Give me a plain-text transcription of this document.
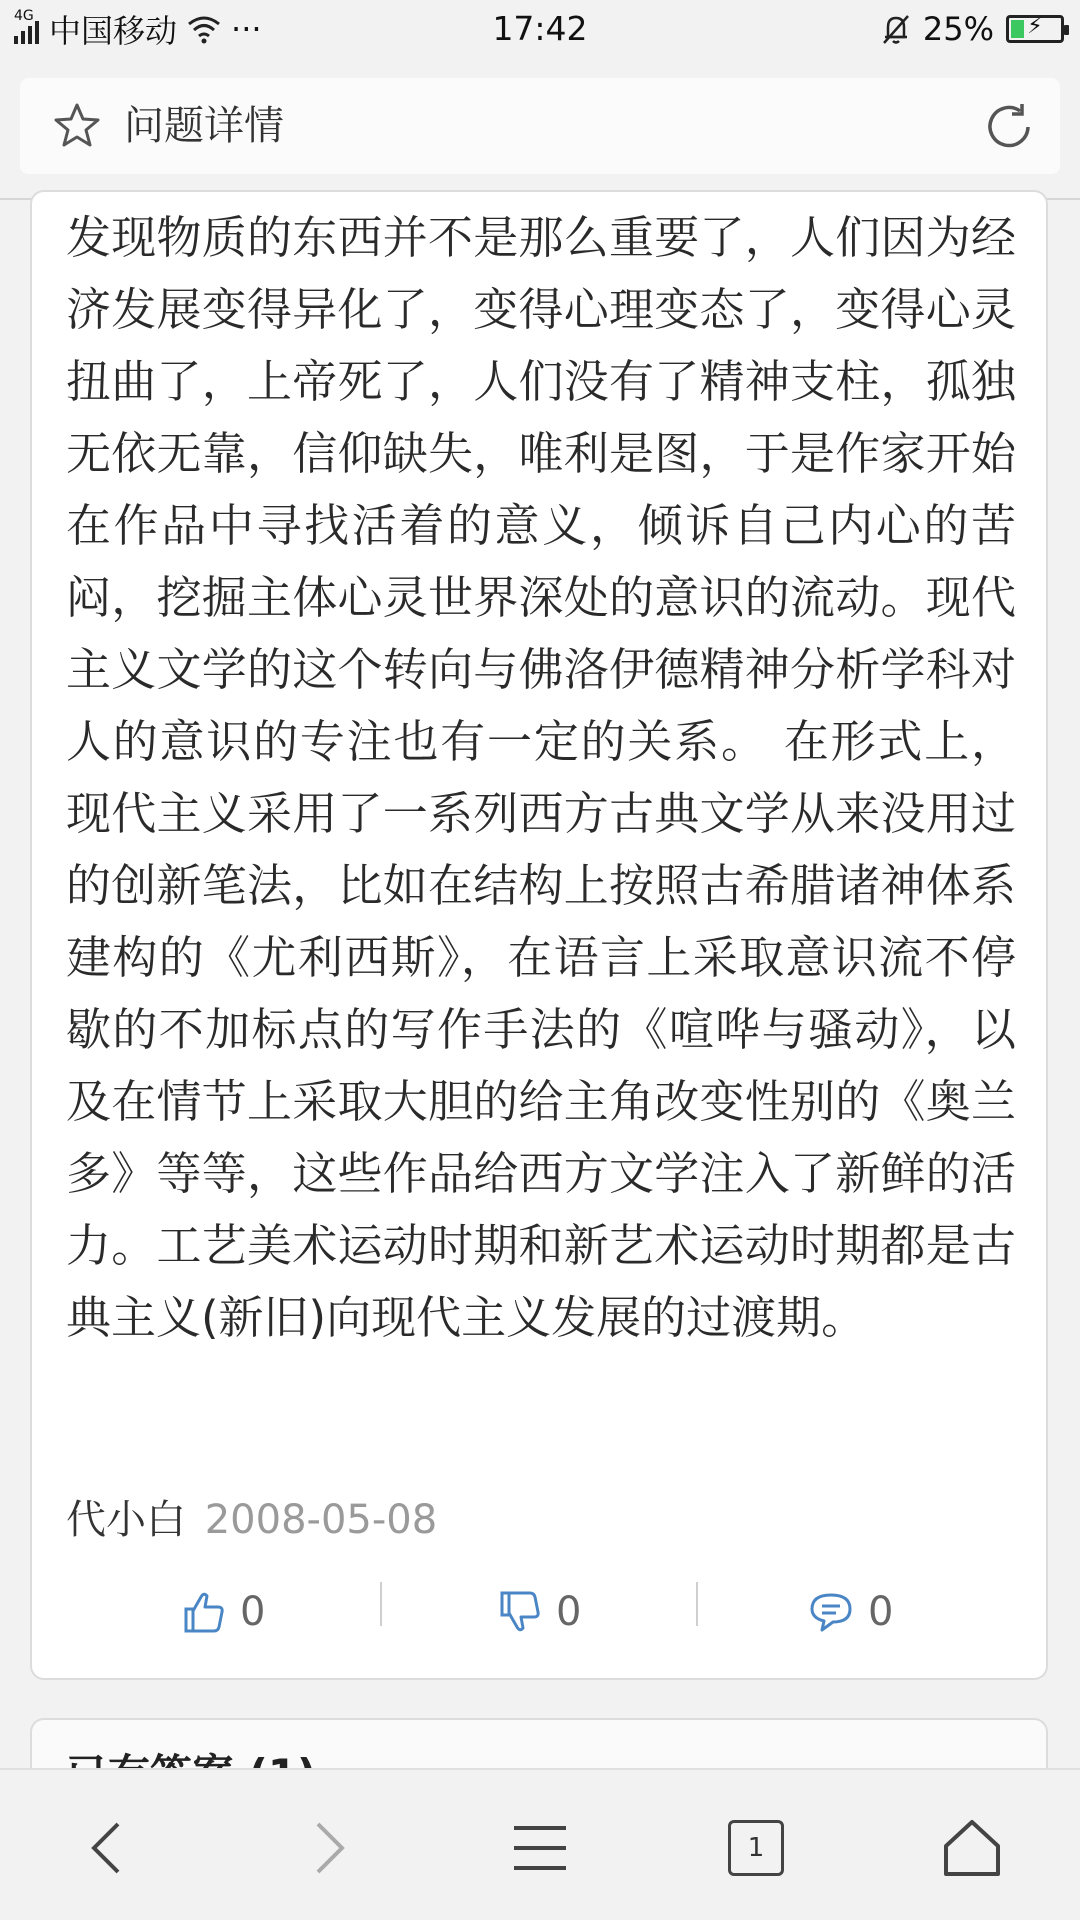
4G 中国移动 ···	17:42	25%	⚡
问题详情
发现物质的东西并不是那么重要了，人们因为经济发展变得异化了，变得心理变态了，变得心灵扭曲了，上帝死了，人们没有了精神支柱，孤独无依无靠，信仰缺失，唯利是图，于是作家开始在作品中寻找活着的意义，倾诉自己内心的苦闷，挖掘主体心灵世界深处的意识的流动。现代主义文学的这个转向与佛洛伊德精神分析学科对人的意识的专注也有一定的关系。 在形式上，现代主义采用了一系列西方古典文学从来没用过的创新笔法，比如在结构上按照古希腊诸神体系建构的《尤利西斯》，在语言上采取意识流不停歇的不加标点的写作手法的《喧哗与骚动》，以及在情节上采取大胆的给主角改变性别的《奥兰多》等等，这些作品给西方文学注入了新鲜的活力。工艺美术运动时期和新艺术运动时期都是古典主义(新旧)向现代主义发展的过渡期。
代小白 2008-05-08
0	0	0
1
